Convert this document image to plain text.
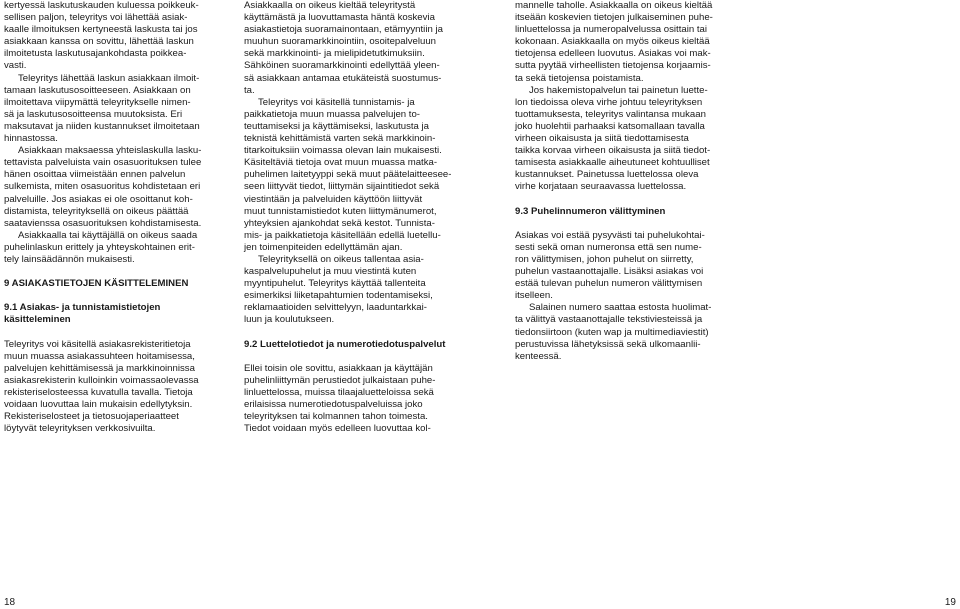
kertyessä laskutuskauden kuluessa poikkeuk-
sellisen paljon, teleyritys voi lähettää asiak-
kaalle ilmoituksen kertyneestä laskusta tai jos
asiakkaan kanssa on sovittu, lähettää laskun
ilmoitetusta laskutusajankohdasta poikkea-
vasti.
Teleyritys lähettää laskun asiakkaan ilmoit-
tamaan laskutusosoitteeseen. Asiakkaan on
ilmoitettava viipymättä teleyritykselle nimen-
sä ja laskutusosoitteensa muutoksista. Eri
maksutavat ja niiden kustannukset ilmoitetaan
hinnastossa.
Asiakkaan maksaessa yhteislaskulla lasku-
tettavista palveluista vain osasuorituksen tulee
hänen osoittaa viimeistään ennen palvelun
sulkemista, miten osasuoritus kohdistetaan eri
palveluille. Jos asiakas ei ole osoittanut koh-
distamista, teleyrityksellä on oikeus päättää
saatavienssa osasuorituksen kohdistamisesta.
Asiakkaalla tai käyttäjällä on oikeus saada
puhelinlaskun erittely ja yhteyskohtainen erit-
tely lainsäädännön mukaisesti.
9 ASIAKASTIETOJEN KÄSITTELEMINEN
9.1 Asiakas- ja tunnistamistietojen
käsitteleminen
Teleyritys voi käsitellä asiakasrekisteritietoja
muun muassa asiakassuhteen hoitamisessa,
palvelujen kehittämisessä ja markkinoinnissa
asiakasrekisterin kulloinkin voimassaolevassa
rekisteriselosteessa kuvatulla tavalla. Tietoja
voidaan luovuttaa lain mukaisin edellytyksin.
Rekisteriselosteet ja tietosuojaperiaatteet
löytyvät teleyrityksen verkkosivuilta.
Asiakkaalla on oikeus kieltää teleyritystä
käyttämästä ja luovuttamasta häntä koskevia
asiakastietoja suoramainontaan, etämyyntiin ja
muuhun suoramarkkinointiin, osoitepalveluun
sekä markkinointi- ja mielipidetutkimuksiin.
Sähköinen suoramarkkinointi edellyttää yleen-
sä asiakkaan antamaa etukäteistä suostumus-
ta.
Teleyritys voi käsitellä tunnistamis- ja
paikkatietoja muun muassa palvelujen to-
teuttamiseksi ja käyttämiseksi, laskutusta ja
teknistä kehittämistä varten sekä markkinoin-
titarkoituksiin voimassa olevan lain mukaisesti.
Käsiteltäviä tietoja ovat muun muassa matka-
puhelimen laitetyyppi sekä muut päätelaitteesee-
seen liittyvät tiedot, liittymän sijaintitiedot sekä
viestintään ja palveluiden käyttöön liittyvät
muut tunnistamistiedot kuten liittymänumerot,
yhteyksien ajankohdat sekä kestot. Tunnista-
mis- ja paikkatietoja käsitellään edellä luetellu-
jen toimenpiteiden edellyttämän ajan.
Teleyrityksellä on oikeus tallentaa asia-
kaspalvelupuhelut ja muu viestintä kuten
myyntipuhelut. Teleyritys käyttää tallenteita
esimerkiksi liiketapahtumien todentamiseksi,
reklamaatioiden selvittelyyn, laaduntarkkai-
luun ja koulutukseen.
9.2 Luettelotiedot ja numerotiedotuspalvelut
Ellei toisin ole sovittu, asiakkaan ja käyttäjän
puhelinliittymän perustiedot julkaistaan puhe-
linluettelossa, muissa tilaajaluetteloissa sekä
erilaisissa numerotiedotuspalveluissa joko
teleyrityksen tai kolmannen tahon toimesta.
Tiedot voidaan myös edelleen luovuttaa kol-
mannelle taholle. Asiakkaalla on oikeus kieltää
itseään koskevien tietojen julkaiseminen puhe-
linluettelossa ja numeropalvelussa osittain tai
kokonaan. Asiakkaalla on myös oikeus kieltää
tietojensa edelleen luovutus. Asiakas voi mak-
sutta pyytää virheellisten tietojensa korjaamis-
ta sekä tietojensa poistamista.
Jos hakemistopalvelun tai painetun luette-
lon tiedoissa oleva virhe johtuu teleyrityksen
tuottamuksesta, teleyritys valintansa mukaan
joko huolehtii parhaaksi katsomallaan tavalla
virheen oikaisusta ja siitä tiedottamisesta
taikka korvaa virheen oikaisusta ja siitä tiedot-
tamisesta asiakkaalle aiheutuneet kohtuulliset
kustannukset. Painetussa luettelossa oleva
virhe korjataan seuraavassa luettelossa.
9.3 Puhelinnumeron välittyminen
Asiakas voi estää pysyvästi tai puhelukohtai-
sesti sekä oman numeronsa että sen nume-
ron välittymisen, johon puhelut on siirretty,
puhelun vastaanottajalle. Lisäksi asiakas voi
estää tulevan puhelun numeron välittymisen
itselleen.
Salainen numero saattaa estosta huolimat-
ta välittyä vastaanottajalle tekstiviesteissä ja
tiedonsiirtoon (kuten wap ja multimediaviestit)
perustuvissa lähetyksissä sekä ulkomaanlii-
kenteessä.
18	19
